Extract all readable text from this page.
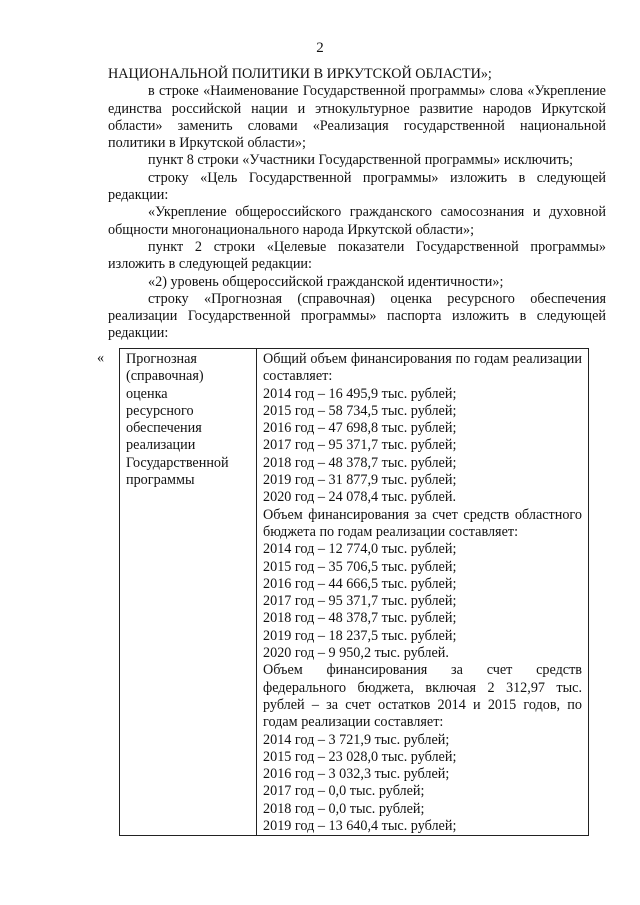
2

НАЦИОНАЛЬНОЙ ПОЛИТИКИ В ИРКУТСКОЙ ОБЛАСТИ»;

в строке «Наименование Государственной программы» слова «Укрепление единства российской нации и этнокультурное развитие народов Иркутской области» заменить словами «Реализация государственной национальной политики в Иркутской области»;

пункт 8 строки «Участники Государственной программы» исключить;

строку «Цель Государственной программы» изложить в следующей редакции:

«Укрепление общероссийского гражданского самосознания и духовной общности многонационального народа Иркутской области»;

пункт 2 строки «Целевые показатели Государственной программы» изложить в следующей редакции:

«2) уровень общероссийской гражданской идентичности»;

строку «Прогнозная (справочная) оценка ресурсного обеспечения реализации Государственной программы» паспорта изложить в следующей редакции:

« Прогнозная
(справочная)
оценка
ресурсного
обеспечения
реализации
Государственной
программы

Общий объем финансирования по годам реализации составляет:
2014 год – 16 495,9 тыс. рублей;
2015 год – 58 734,5 тыс. рублей;
2016 год – 47 698,8 тыс. рублей;
2017 год – 95 371,7 тыс. рублей;
2018 год – 48 378,7 тыс. рублей;
2019 год – 31 877,9 тыс. рублей;
2020 год – 24 078,4 тыс. рублей.
Объем финансирования за счет средств областного бюджета по годам реализации составляет:
2014 год – 12 774,0 тыс. рублей;
2015 год – 35 706,5 тыс. рублей;
2016 год – 44 666,5 тыс. рублей;
2017 год – 95 371,7 тыс. рублей;
2018 год – 48 378,7 тыс. рублей;
2019 год – 18 237,5 тыс. рублей;
2020 год – 9 950,2 тыс. рублей.
Объем финансирования за счет средств федерального бюджета, включая 2 312,97 тыс. рублей – за счет остатков 2014 и 2015 годов, по годам реализации составляет:
2014 год – 3 721,9 тыс. рублей;
2015 год – 23 028,0 тыс. рублей;
2016 год – 3 032,3 тыс. рублей;
2017 год – 0,0 тыс. рублей;
2018 год – 0,0 тыс. рублей;
2019 год – 13 640,4 тыс. рублей;
